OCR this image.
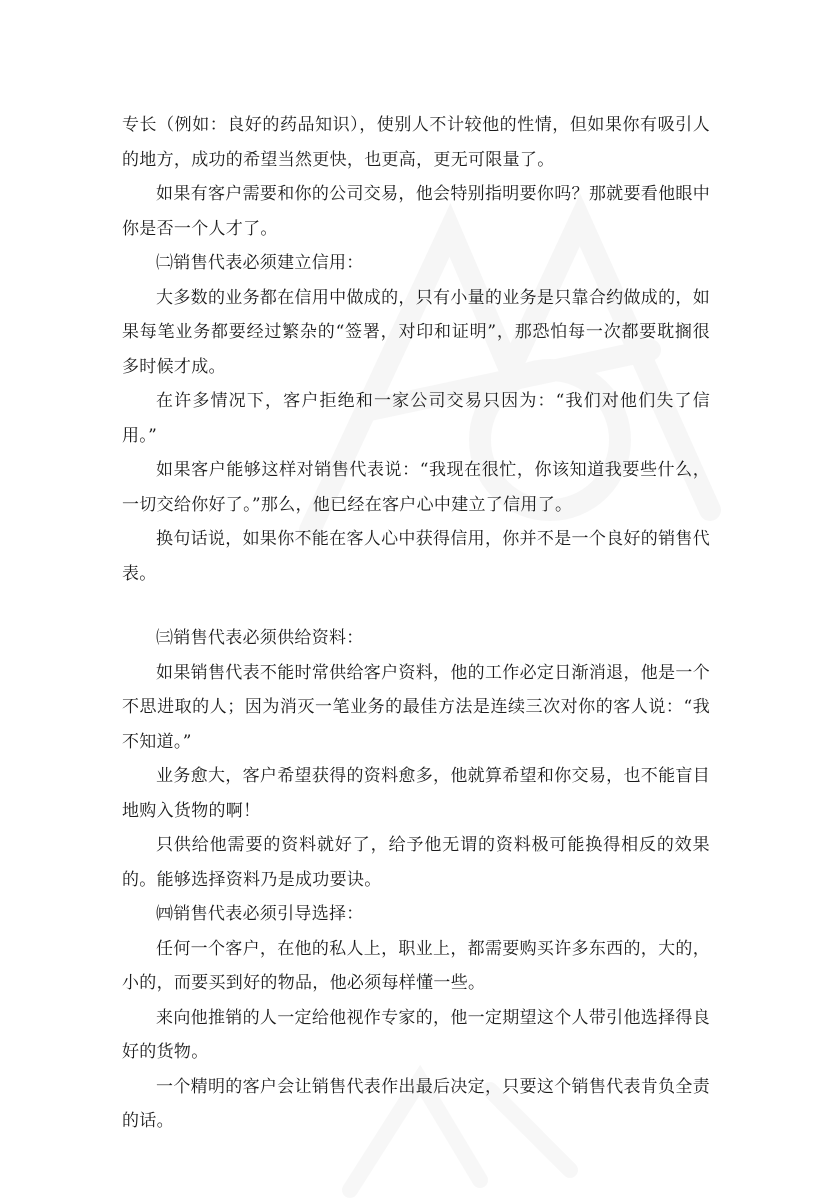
专长（例如：良好的药品知识），使别人不计较他的性情，但如果你有吸引人的地方，成功的希望当然更快，也更高，更无可限量了。

如果有客户需要和你的公司交易，他会特别指明要你吗？那就要看他眼中你是否一个人才了。

㈡销售代表必须建立信用：

大多数的业务都在信用中做成的，只有小量的业务是只靠合约做成的，如果每笔业务都要经过繁杂的“签署，对印和证明”，那恐怕每一次都要耽搁很多时候才成。

在许多情况下，客户拒绝和一家公司交易只因为：“我们对他们失了信用。”

如果客户能够这样对销售代表说：“我现在很忙，你该知道我要些什么，一切交给你好了。”那么，他已经在客户心中建立了信用了。

换句话说，如果你不能在客人心中获得信用，你并不是一个良好的销售代表。

㈢销售代表必须供给资料：

如果销售代表不能时常供给客户资料，他的工作必定日渐消退，他是一个不思进取的人；因为消灭一笔业务的最佳方法是连续三次对你的客人说：“我不知道。”

业务愈大，客户希望获得的资料愈多，他就算希望和你交易，也不能盲目地购入货物的啊！

只供给他需要的资料就好了，给予他无谓的资料极可能换得相反的效果的。能够选择资料乃是成功要诀。

㈣销售代表必须引导选择：

任何一个客户，在他的私人上，职业上，都需要购买许多东西的，大的，小的，而要买到好的物品，他必须每样懂一些。

来向他推销的人一定给他视作专家的，他一定期望这个人带引他选择得良好的货物。

一个精明的客户会让销售代表作出最后决定，只要这个销售代表肯负全责的话。
